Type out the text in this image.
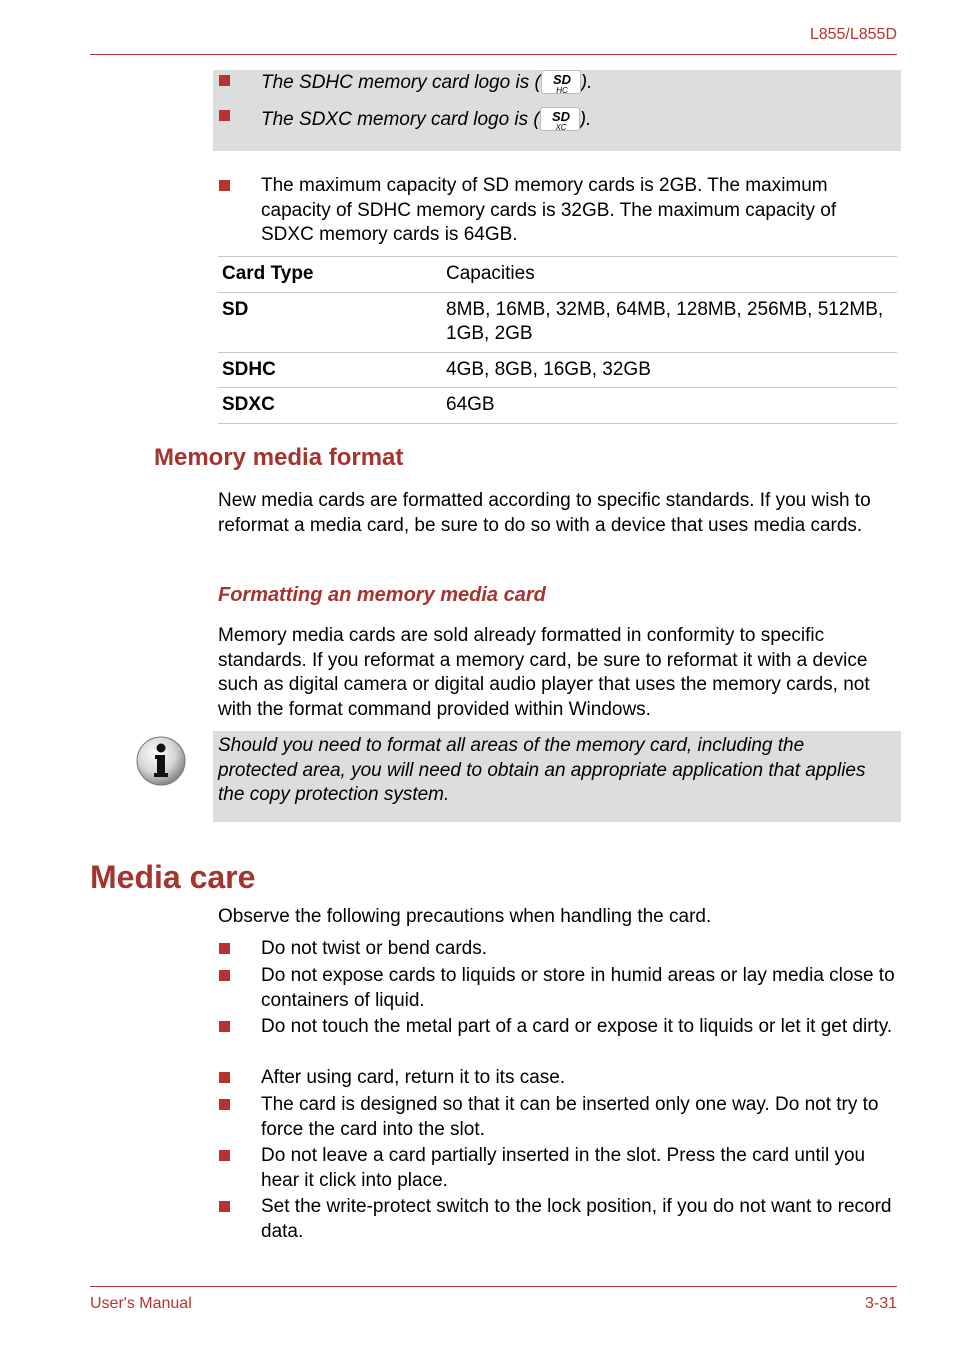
L855/L855D
The SDHC memory card logo is ( SD
HC ).
The SDXC memory card logo is ( SD
XC ).
The maximum capacity of SD memory cards is 2GB. The maximum capacity of SDHC memory cards is 32GB. The maximum capacity of SDXC memory cards is 64GB.
Card Type	Capacities
SD	8MB, 16MB, 32MB, 64MB, 128MB, 256MB, 512MB, 1GB, 2GB
SDHC	4GB, 8GB, 16GB, 32GB
SDXC	64GB
Memory media format
New media cards are formatted according to specific standards. If you wish to reformat a media card, be sure to do so with a device that uses media cards.
Formatting an memory media card
Memory media cards are sold already formatted in conformity to specific standards. If you reformat a memory card, be sure to reformat it with a device such as digital camera or digital audio player that uses the memory cards, not with the format command provided within Windows.
Should you need to format all areas of the memory card, including the protected area, you will need to obtain an appropriate application that applies the copy protection system.
Media care
Observe the following precautions when handling the card.
Do not twist or bend cards.
Do not expose cards to liquids or store in humid areas or lay media close to containers of liquid.
Do not touch the metal part of a card or expose it to liquids or let it get dirty.
After using card, return it to its case.
The card is designed so that it can be inserted only one way. Do not try to force the card into the slot.
Do not leave a card partially inserted in the slot. Press the card until you hear it click into place.
Set the write-protect switch to the lock position, if you do not want to record data.
User's Manual	3-31
